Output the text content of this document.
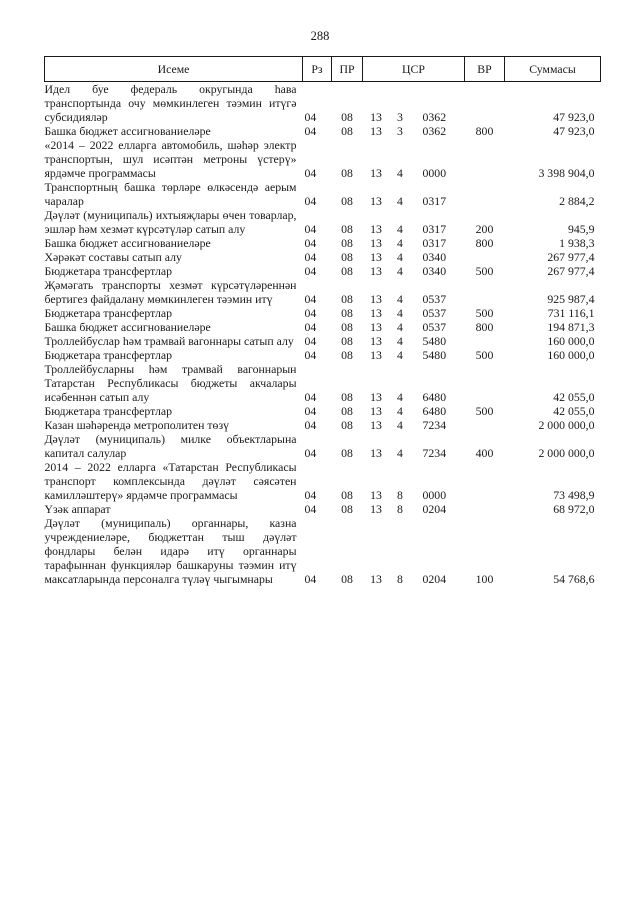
288
Исеме	Рз	ПР	ЦСР			ВР	Суммасы
Идел буе федераль округында һава транспортында очу мөмкинлеген тәэмин итүгә субсидияләр	04	08	13	3	0362		47 923,0
Башка бюджет ассигнованиеләре	04	08	13	3	0362	800	47 923,0
«2014 – 2022 елларга автомобиль, шәһәр электр транспортын, шул исәптән метроны үстерү» ярдәмче программасы	04	08	13	4	0000		3 398 904,0
Транспортның башка төрләре өлкәсендә аерым чаралар	04	08	13	4	0317		2 884,2
Дәүләт (муниципаль) ихтыяҗлары өчен товарлар, эшләр һәм хезмәт күрсәтүләр сатып алу	04	08	13	4	0317	200	945,9
Башка бюджет ассигнованиеләре	04	08	13	4	0317	800	1 938,3
Хәрәкәт составы сатып алу	04	08	13	4	0340		267 977,4
Бюджетара трансфертлар	04	08	13	4	0340	500	267 977,4
Җәмәгать транспорты хезмәт күрсәтүләреннән бертигез файдалану мөмкинлеген тәэмин итү	04	08	13	4	0537		925 987,4
Бюджетара трансфертлар	04	08	13	4	0537	500	731 116,1
Башка бюджет ассигнованиеләре	04	08	13	4	0537	800	194 871,3
Троллейбуслар һәм трамвай вагоннары сатып алу	04	08	13	4	5480		160 000,0
Бюджетара трансфертлар	04	08	13	4	5480	500	160 000,0
Троллейбусларны һәм трамвай вагоннарын Татарстан Республикасы бюджеты акчалары исәбеннән сатып алу	04	08	13	4	6480		42 055,0
Бюджетара трансфертлар	04	08	13	4	6480	500	42 055,0
Казан шәһәрендә метрополитен төзү	04	08	13	4	7234		2 000 000,0
Дәүләт (муниципаль) милке объектларына капитал салулар	04	08	13	4	7234	400	2 000 000,0
2014 – 2022 елларга «Татарстан Республикасы транспорт комплексында дәүләт сәясәтен камилләштерү» ярдәмче программасы	04	08	13	8	0000		73 498,9
Үзәк аппарат	04	08	13	8	0204		68 972,0
Дәүләт (муниципаль) органнары, казна учреждениеләре, бюджеттан тыш дәүләт фондлары белән идарә итү органнары тарафыннан функцияләр башкаруны тәэмин итү максатларында персоналга түләү чыгымнары	04	08	13	8	0204	100	54 768,6
